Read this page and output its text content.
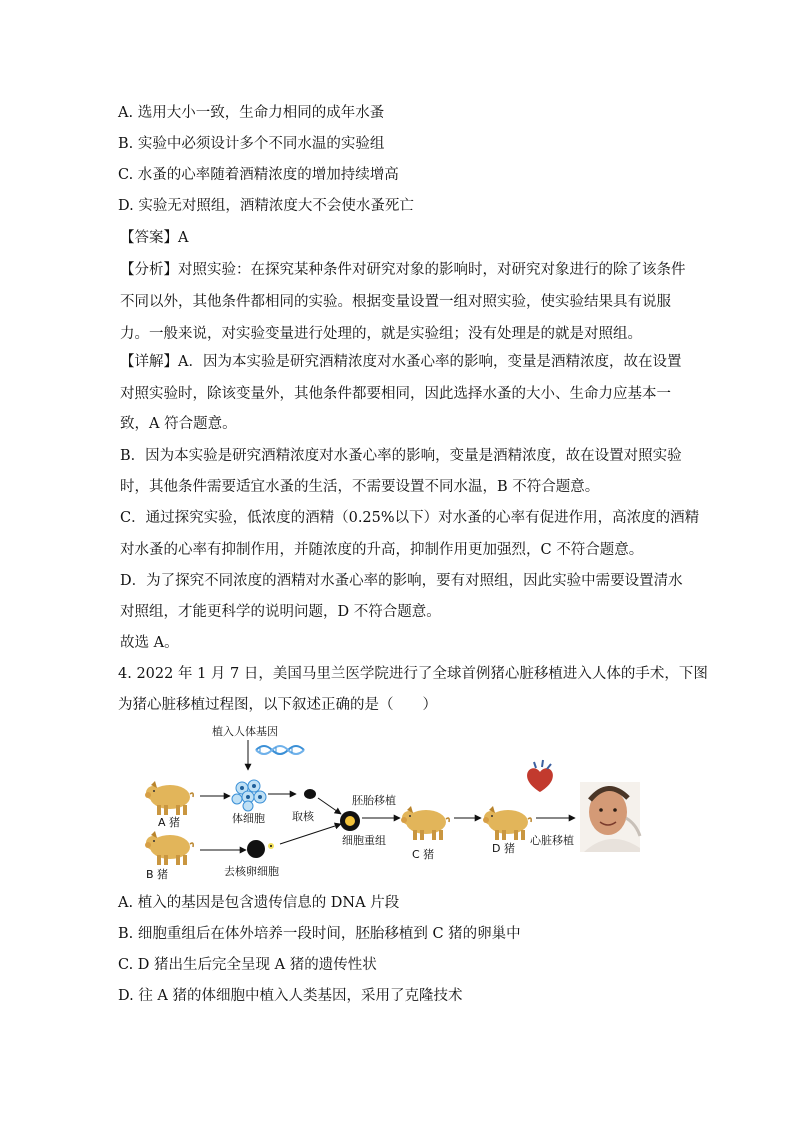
A. 选用大小一致，生命力相同的成年水蚤
B. 实验中必须设计多个不同水温的实验组
C. 水蚤的心率随着酒精浓度的增加持续增高
D. 实验无对照组，酒精浓度大不会使水蚤死亡
【答案】A
【分析】对照实验：在探究某种条件对研究对象的影响时，对研究对象进行的除了该条件
不同以外，其他条件都相同的实验。根据变量设置一组对照实验，使实验结果具有说服
力。一般来说，对实验变量进行处理的，就是实验组；没有处理是的就是对照组。
【详解】A．因为本实验是研究酒精浓度对水蚤心率的影响，变量是酒精浓度，故在设置
对照实验时，除该变量外，其他条件都要相同，因此选择水蚤的大小、生命力应基本一
致，A 符合题意。
B．因为本实验是研究酒精浓度对水蚤心率的影响，变量是酒精浓度，故在设置对照实验
时，其他条件需要适宜水蚤的生活，不需要设置不同水温，B 不符合题意。
C．通过探究实验，低浓度的酒精（0.25%以下）对水蚤的心率有促进作用，高浓度的酒精
对水蚤的心率有抑制作用，并随浓度的升高，抑制作用更加强烈，C 不符合题意。
D．为了探究不同浓度的酒精对水蚤心率的影响，要有对照组，因此实验中需要设置清水
对照组，才能更科学的说明问题，D 不符合题意。
故选 A。
4. 2022 年 1 月 7 日，美国马里兰医学院进行了全球首例猪心脏移植进入人体的手术，下图
为猪心脏移植过程图，以下叙述正确的是（　　）
植入人体基因
A 猪	体细胞 取核
B 猪	去核卵细胞
细胞重组
胚胎移植
C 猪	D 猪
心脏移植
A. 植入的基因是包含遗传信息的 DNA 片段
B. 细胞重组后在体外培养一段时间，胚胎移植到 C 猪的卵巢中
C. D 猪出生后完全呈现 A 猪的遗传性状
D. 往 A 猪的体细胞中植入人类基因，采用了克隆技术
